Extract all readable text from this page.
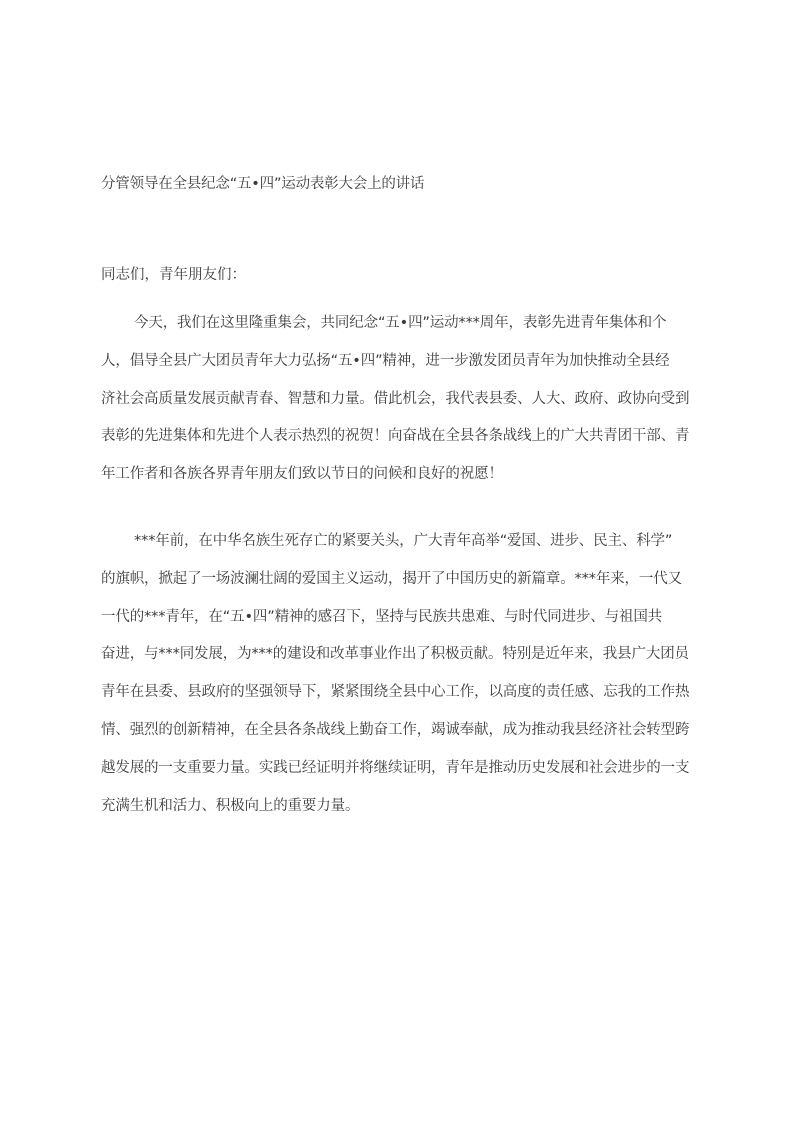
分管领导在全县纪念“五•四”运动表彰大会上的讲话
同志们，青年朋友们：
今天，我们在这里隆重集会，共同纪念“五•四”运动***周年，表彰先进青年集体和个
人，倡导全县广大团员青年大力弘扬“五•四”精神，进一步激发团员青年为加快推动全县经
济社会高质量发展贡献青春、智慧和力量。借此机会，我代表县委、人大、政府、政协向受到
表彰的先进集体和先进个人表示热烈的祝贺！向奋战在全县各条战线上的广大共青团干部、青
年工作者和各族各界青年朋友们致以节日的问候和良好的祝愿！
***年前，在中华名族生死存亡的紧要关头，广大青年高举“爱国、进步、民主、科学”
的旗帜，掀起了一场波澜壮阔的爱国主义运动，揭开了中国历史的新篇章。***年来，一代又
一代的***青年，在“五•四”精神的感召下，坚持与民族共患难、与时代同进步、与祖国共
奋进，与***同发展，为***的建设和改革事业作出了积极贡献。特别是近年来，我县广大团员
青年在县委、县政府的坚强领导下，紧紧围绕全县中心工作，以高度的责任感、忘我的工作热
情、强烈的创新精神，在全县各条战线上勤奋工作，竭诚奉献，成为推动我县经济社会转型跨
越发展的一支重要力量。实践已经证明并将继续证明，青年是推动历史发展和社会进步的一支
充满生机和活力、积极向上的重要力量。
